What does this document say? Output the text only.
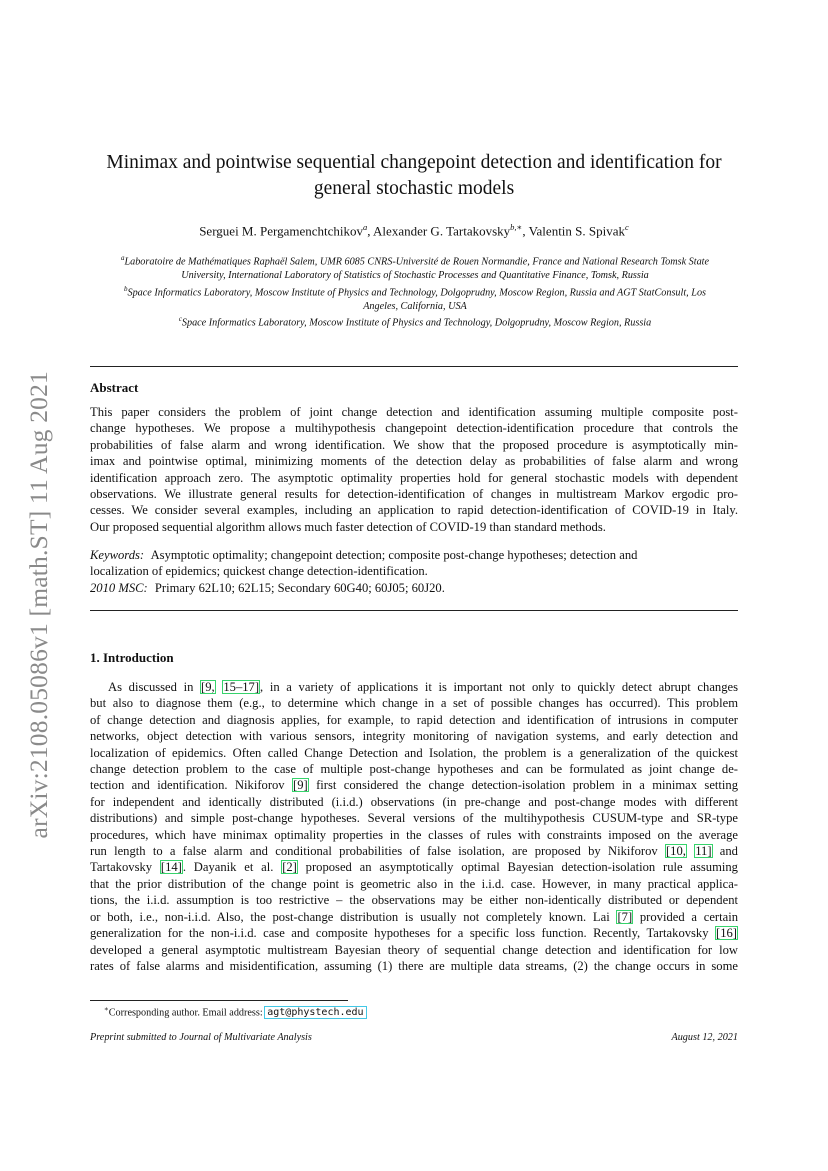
arXiv:2108.05086v1 [math.ST] 11 Aug 2021
Minimax and pointwise sequential changepoint detection and identification for
general stochastic models
Serguei M. Pergamenchtchikov$^a$, Alexander G. Tartakovsky$^{b,∗}$, Valentin S. Spivak$^c$
$^a$Laboratoire de Mathématiques Raphaël Salem, UMR 6085 CNRS-Université de Rouen Normandie, France and National Research Tomsk State
University, International Laboratory of Statistics of Stochastic Processes and Quantitative Finance, Tomsk, Russia
$^b$Space Informatics Laboratory, Moscow Institute of Physics and Technology, Dolgoprudny, Moscow Region, Russia and AGT StatConsult, Los
Angeles, California, USA
$^c$Space Informatics Laboratory, Moscow Institute of Physics and Technology, Dolgoprudny, Moscow Region, Russia
Abstract
This paper considers the problem of joint change detection and identification assuming multiple composite post-
change hypotheses. We propose a multihypothesis changepoint detection-identification procedure that controls the
probabilities of false alarm and wrong identification. We show that the proposed procedure is asymptotically min-
imax and pointwise optimal, minimizing moments of the detection delay as probabilities of false alarm and wrong
identification approach zero. The asymptotic optimality properties hold for general stochastic models with dependent
observations. We illustrate general results for detection-identification of changes in multistream Markov ergodic pro-
cesses. We consider several examples, including an application to rapid detection-identification of COVID-19 in Italy.
Our proposed sequential algorithm allows much faster detection of COVID-19 than standard methods.
Keywords: Asymptotic optimality; changepoint detection; composite post-change hypotheses; detection and
localization of epidemics; quickest change detection-identification.
2010 MSC: Primary 62L10; 62L15; Secondary 60G40; 60J05; 60J20.
1. Introduction
As discussed in [9, 15–17], in a variety of applications it is important not only to quickly detect abrupt changes
but also to diagnose them (e.g., to determine which change in a set of possible changes has occurred). This problem
of change detection and diagnosis applies, for example, to rapid detection and identification of intrusions in computer
networks, object detection with various sensors, integrity monitoring of navigation systems, and early detection and
localization of epidemics. Often called Change Detection and Isolation, the problem is a generalization of the quickest
change detection problem to the case of multiple post-change hypotheses and can be formulated as joint change de-
tection and identification. Nikiforov [9] first considered the change detection-isolation problem in a minimax setting
for independent and identically distributed (i.i.d.) observations (in pre-change and post-change modes with different
distributions) and simple post-change hypotheses. Several versions of the multihypothesis CUSUM-type and SR-type
procedures, which have minimax optimality properties in the classes of rules with constraints imposed on the average
run length to a false alarm and conditional probabilities of false isolation, are proposed by Nikiforov [10, 11] and
Tartakovsky [14]. Dayanik et al. [2] proposed an asymptotically optimal Bayesian detection-isolation rule assuming
that the prior distribution of the change point is geometric also in the i.i.d. case. However, in many practical applica-
tions, the i.i.d. assumption is too restrictive – the observations may be either non-identically distributed or dependent
or both, i.e., non-i.i.d. Also, the post-change distribution is usually not completely known. Lai [7] provided a certain
generalization for the non-i.i.d. case and composite hypotheses for a specific loss function. Recently, Tartakovsky [16]
developed a general asymptotic multistream Bayesian theory of sequential change detection and identification for low
rates of false alarms and misidentification, assuming (1) there are multiple data streams, (2) the change occurs in some
∗Corresponding author. Email address: agt@phystech.edu
Preprint submitted to Journal of Multivariate Analysis	August 12, 2021
